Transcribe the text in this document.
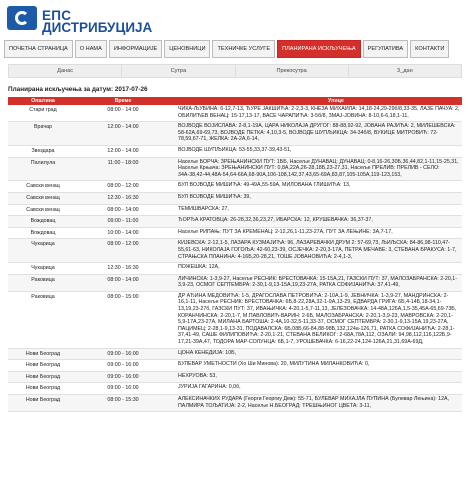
ЕПС
ДИСТРИБУЦИЈА
ПОЧЕТНА СТРАНИЦА	О НАМА	ИНФОРМАЦИЈЕ	ЦЕНОВНИЦИ	ТЕХНИЧКЕ УСЛУГЕ	ПЛАНИРАНА ИСКЉУЧЕЊА	РЕГУЛАТИВА	КОНТАКТИ
Данас	Сутра	Прекосутра	3_дан
Планирана искључења за датум: 2017-07-26
Општина	Време	Улице
Стари град	08:00 - 14:00	ЧИКА-ЉУБИНА: 6-12,7-13, ЂУРЕ ЈАКШИЋА: 2-2,3-3, КНЕЗА МИХАИЛА: 14,18-24,29-29б/8,33-35, ЛАЗЕ ПАЧУА: 2, ОБИЛИЋЕВ ВЕНАЦ: 15-17,13-17, ВАСЕ ЧАРАПИЋА: 3-5б/8, ЗМАЈ-ЈОВИНА: 8-10,6-6,18,1-11,
Врачар	12:00 - 14:00	ВОЈВОДЕ ВОЈИСЛАВА: 2-8,1-19А, ЦАРА НИКОЛАЈА ДРУГОГ: 88-88,92-92, ЈОВАНА РАЈИЋА: 2, МИЛЕШЕВСКА: 58-62А,69-69,73, ВОЈВОДЕ ПЕТКА: 4,10,3-5, ВОЈВОДЕ ШУПЉИКЦА: 34-34б/8, ВУКИЦЕ МИТРОВИЋ: 72-78,59,67-71, ЖЕЛКА: 2А-2А,6-14,
Звездара	12:00 - 14:00	ВОЈВОДЕ ШУПЉИКЦА: 53-55,33,37-39,43-51,
Палилула	11:00 - 18:00	Насеље БОРЧА: ЗРЕЊАНИНСКИ ПУТ: 1ББ, Насеље ДУНАВАЦ: ДУНАВАЦ: 0-8,16-26,30Б,36,44,82,1-11,15-25,31, Насеље Крњача: ЗРЕЊАНИНСКИ ПУТ: 0,8А,22А,26-28,18Б,23-27,31, Насеље ПРЕЛИВ: ПРЕЛИВ - СЕЛО: 34А-38,42-44,48А-54,64-66А,68-90А,106-108,142,37,43,65-69А,83,87,105-105А,119-123,153,
Савски венац	08:00 - 12:00	БУЛ ВОЈВОДЕ МИШИЋА: 49-49А,55-59А, МИЛОВАНА ГЛИШИЋА: 13,
Савски венац	12:30 - 16:30	БУЛ ВОЈВОДЕ МИШИЋА: 39,
Савски венац	08:00 - 14:00	ТЕМИШВАРСКА: 27,
Вождовац	09:00 - 11:00	ЂОРЂА КРАТОВЦА: 26-28,32,36,23,27, ИБАРСКА: 12, КРУШЕВАЧКА: 36,37-37,
Вождовац	10:00 - 14:00	Насеље РИПАЊ: ПУТ ЗА КРЕМЕНАЦ: 2-12,26,1-11,23-27А, ПУТ ЗА ЛЕЊИНЕ: 3А,7-17,
Чукарица	08:00 - 12:00	КИЈЕВСКА: 2-12,1-5, ЛАЗАРА КУЗМАЈИЋА: 96, ЛАЗАРЕВАЧКИ ДРУМ 2: 57-69,73, ЉИЉСКА: 84-86,98-110,47-55,61-63, НИКОЛАЈА ГОГОЉА: 42-60,23-39, ОСЈЕЧКА: 2-20,3-17А, ПЕТРА МЕЧАВЕ: 3, СТЕВАНА БРАКУСА: 1-7, СТРАЊСКА ПЛАНИНА: 4-16Б,20-28,21, ТОШЕ ЈОВАНОВИЋА: 2-4,1-3,
Чукарица	12:30 - 16:30	ПОЖЕШКА: 12А,
Раковица	08:00 - 14:00	ЛИЧИНСКА: 1-3,9-27, Насеље РЕСНИК: БРЕСТОВАЧКА: 15-15А,21, ГАЗСКИ ПУТ: 37, МАЛОЗАБРАНСКА: 2-20,1-3,9-23, ОСМОГ СЕПТЕМБРА: 2-30,1-9,13-15А,19,23-27А, РАТКА СОФИЈАНИЋА: 37,41-49,
Раковица	08:00 - 15:00	ДР АЂИНА МЕДОВИЋА: 1-5, ДРАГОСЛАВА ПЕТРОВИЋА: 2-10А,1-9, ЈЕВНИЧКА: 1-3,9-27, МАНДРИНСКА: 2-16,1-11, Насеље РЕСНИК: БРЕСТОВАЧКА: 6Б,8-22,28А,32-1-9А,13-29, ЕДВАРДА ГРИГА: 6Б,4-14Б,18-34,1-13,19,23-27б, ГАЗСКИ ПУТ: 37, ИВАЊИЧКА: 4-20,1-5,7-11,13, ЈЕЛЕЗОВАЧКА: 14-48А,126А,1,5-35,45А-65,69-73Б, КОРАНЧИНСКА: 2-20,1-7, М.ПАВЛОВИЋ-ВАРИН: 2-6Б, МАЛОЗАБРАНСКА: 2-20,1-3,9-23, МАВРОВСКА: 2-20,1-5,9-17А,23-27А, МИЛАНА БАРТОША: 2-4А,10-32,5-11,33-37, ОСМОГ СЕПТЕМБРА: 2-30,1-9,13-15А,19,23-27А, ПАЦИМЕЦ: 2-28,1-9,13-31, ПОДАВАЛСКА: 6Б,08Б,66-84,88-98Б,132,124а-126,71, РАТКА СОФИЈАНИЋА: 2-28,1-37,41-49, САШЕ ФИЛИПОВИЋА: 2-20,1-21, СТЕВАНА ВЕЛИКОГ: 2-68А,78А,112, ОЗАЛИ: 94,98,112,116,122Б,9-17,21-39А,47, ТОДОРА МАР-СОЛУНЦА: 6Б,1-7, УРОШЕВАЧКА: 6-16,22-24,124-126А,21,31,69А-69Д,
Нови Београд	09:00 - 16:00	ЦОНА КЕНЕДИЈА: 10Б,
Нови Београд	09:00 - 16:00	БУЛЕВАР УМЕТНОСТИ (Хо Ши Минова): 20, МИЛУТИНА МИЛАНКОВИЋА: 0,
Нови Београд	09:00 - 16:00	НЕХРУОВА: 53,
Нови Београд	09:00 - 16:00	ЈУРИЈА ГАГАРИНА: 0,0б,
Нови Београд	08:00 - 15:30	АЛЕКСИНАЧКИХ РУДАРА (Георги Георгиу Деж): 55-71, БУЛЕВАР МИХАЈЛА ПУПИНА (Булевар Лењина): 12А, ПАЛМИРА ТОЉАТИЈА: 2-2, Насеље Н.БЕОГРАД: ТРЕШЊИНОГ ЦВЕТА: 3-11,
